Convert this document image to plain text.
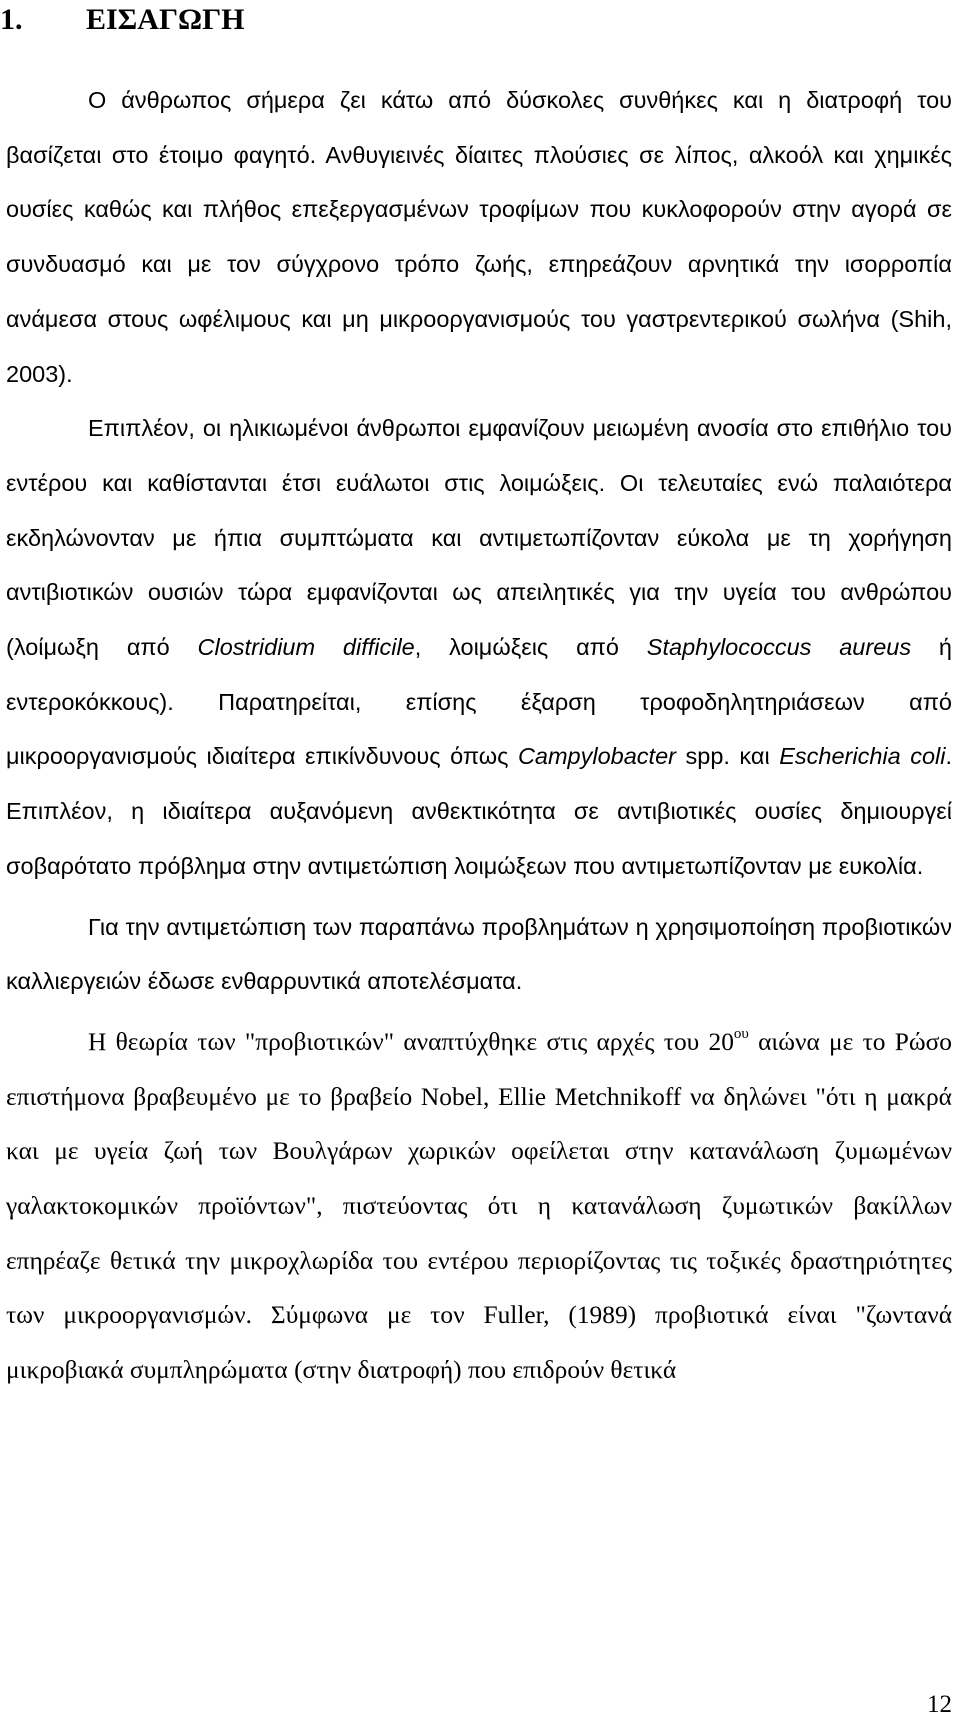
1. ΕΙΣΑΓΩΓΗ

Ο άνθρωπος σήμερα ζει κάτω από δύσκολες συνθήκες και η διατροφή του βασίζεται στο έτοιμο φαγητό. Ανθυγιεινές δίαιτες πλούσιες σε λίπος, αλκοόλ και χημικές ουσίες καθώς και πλήθος επεξεργασμένων τροφίμων που κυκλοφορούν στην αγορά σε συνδυασμό και με τον σύγχρονο τρόπο ζωής, επηρεάζουν αρνητικά την ισορροπία ανάμεσα στους ωφέλιμους και μη μικροοργανισμούς του γαστρεντερικού σωλήνα (Shih, 2003).

Επιπλέον, οι ηλικιωμένοι άνθρωποι εμφανίζουν μειωμένη ανοσία στο επιθήλιο του εντέρου και καθίστανται έτσι ευάλωτοι στις λοιμώξεις. Οι τελευταίες ενώ παλαιότερα εκδηλώνονταν με ήπια συμπτώματα και αντιμετωπίζονταν εύκολα με τη χορήγηση αντιβιοτικών ουσιών τώρα εμφανίζονται ως απειλητικές για την υγεία του ανθρώπου (λοίμωξη από Clostridium difficile, λοιμώξεις από Staphylococcus aureus ή εντεροκόκκους). Παρατηρείται, επίσης έξαρση τροφοδηλητηριάσεων από μικροοργανισμούς ιδιαίτερα επικίνδυνους όπως Campylobacter spp. και Escherichia coli. Επιπλέον, η ιδιαίτερα αυξανόμενη ανθεκτικότητα σε αντιβιοτικές ουσίες δημιουργεί σοβαρότατο πρόβλημα στην αντιμετώπιση λοιμώξεων που αντιμετωπίζονταν με ευκολία.

Για την αντιμετώπιση των παραπάνω προβλημάτων η χρησιμοποίηση προβιοτικών καλλιεργειών έδωσε ενθαρρυντικά αποτελέσματα.

Η θεωρία των "προβιοτικών" αναπτύχθηκε στις αρχές του $20^{o\upsilon}$ αιώνα με το Ρώσο επιστήμονα βραβευμένο με το βραβείο Nobel, Ellie Metchnikoff να δηλώνει "ότι η μακρά και με υγεία ζωή των Βουλγάρων χωρικών οφείλεται στην κατανάλωση ζυμωμένων γαλακτοκομικών προϊόντων", πιστεύοντας ότι η κατανάλωση ζυμωτικών βακίλλων επηρέαζε θετικά την μικροχλωρίδα του εντέρου περιορίζοντας τις τοξικές δραστηριότητες των μικροοργανισμών. Σύμφωνα με τον Fuller, (1989) προβιοτικά είναι "ζωντανά μικροβιακά συμπληρώματα (στην διατροφή) που επιδρούν θετικά

12
